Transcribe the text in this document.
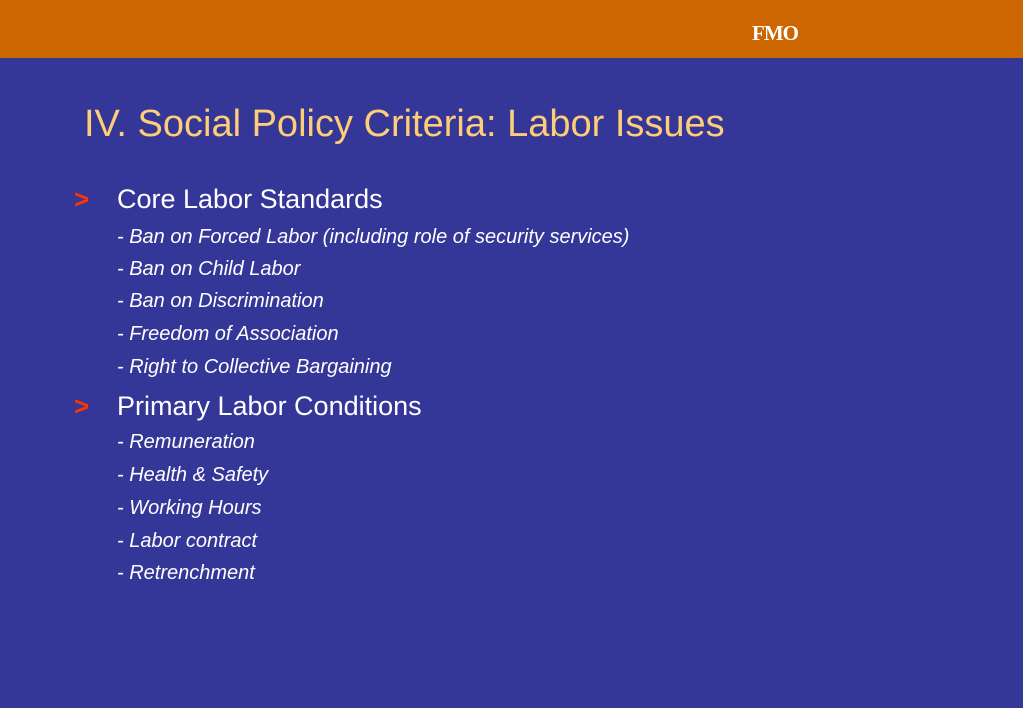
FMO
IV. Social Policy Criteria: Labor Issues
> Core Labor Standards
- Ban on Forced Labor (including role of security services)
- Ban on Child Labor
- Ban on Discrimination
- Freedom of Association
- Right to Collective Bargaining
> Primary Labor Conditions
- Remuneration
- Health & Safety
- Working Hours
- Labor contract
- Retrenchment
